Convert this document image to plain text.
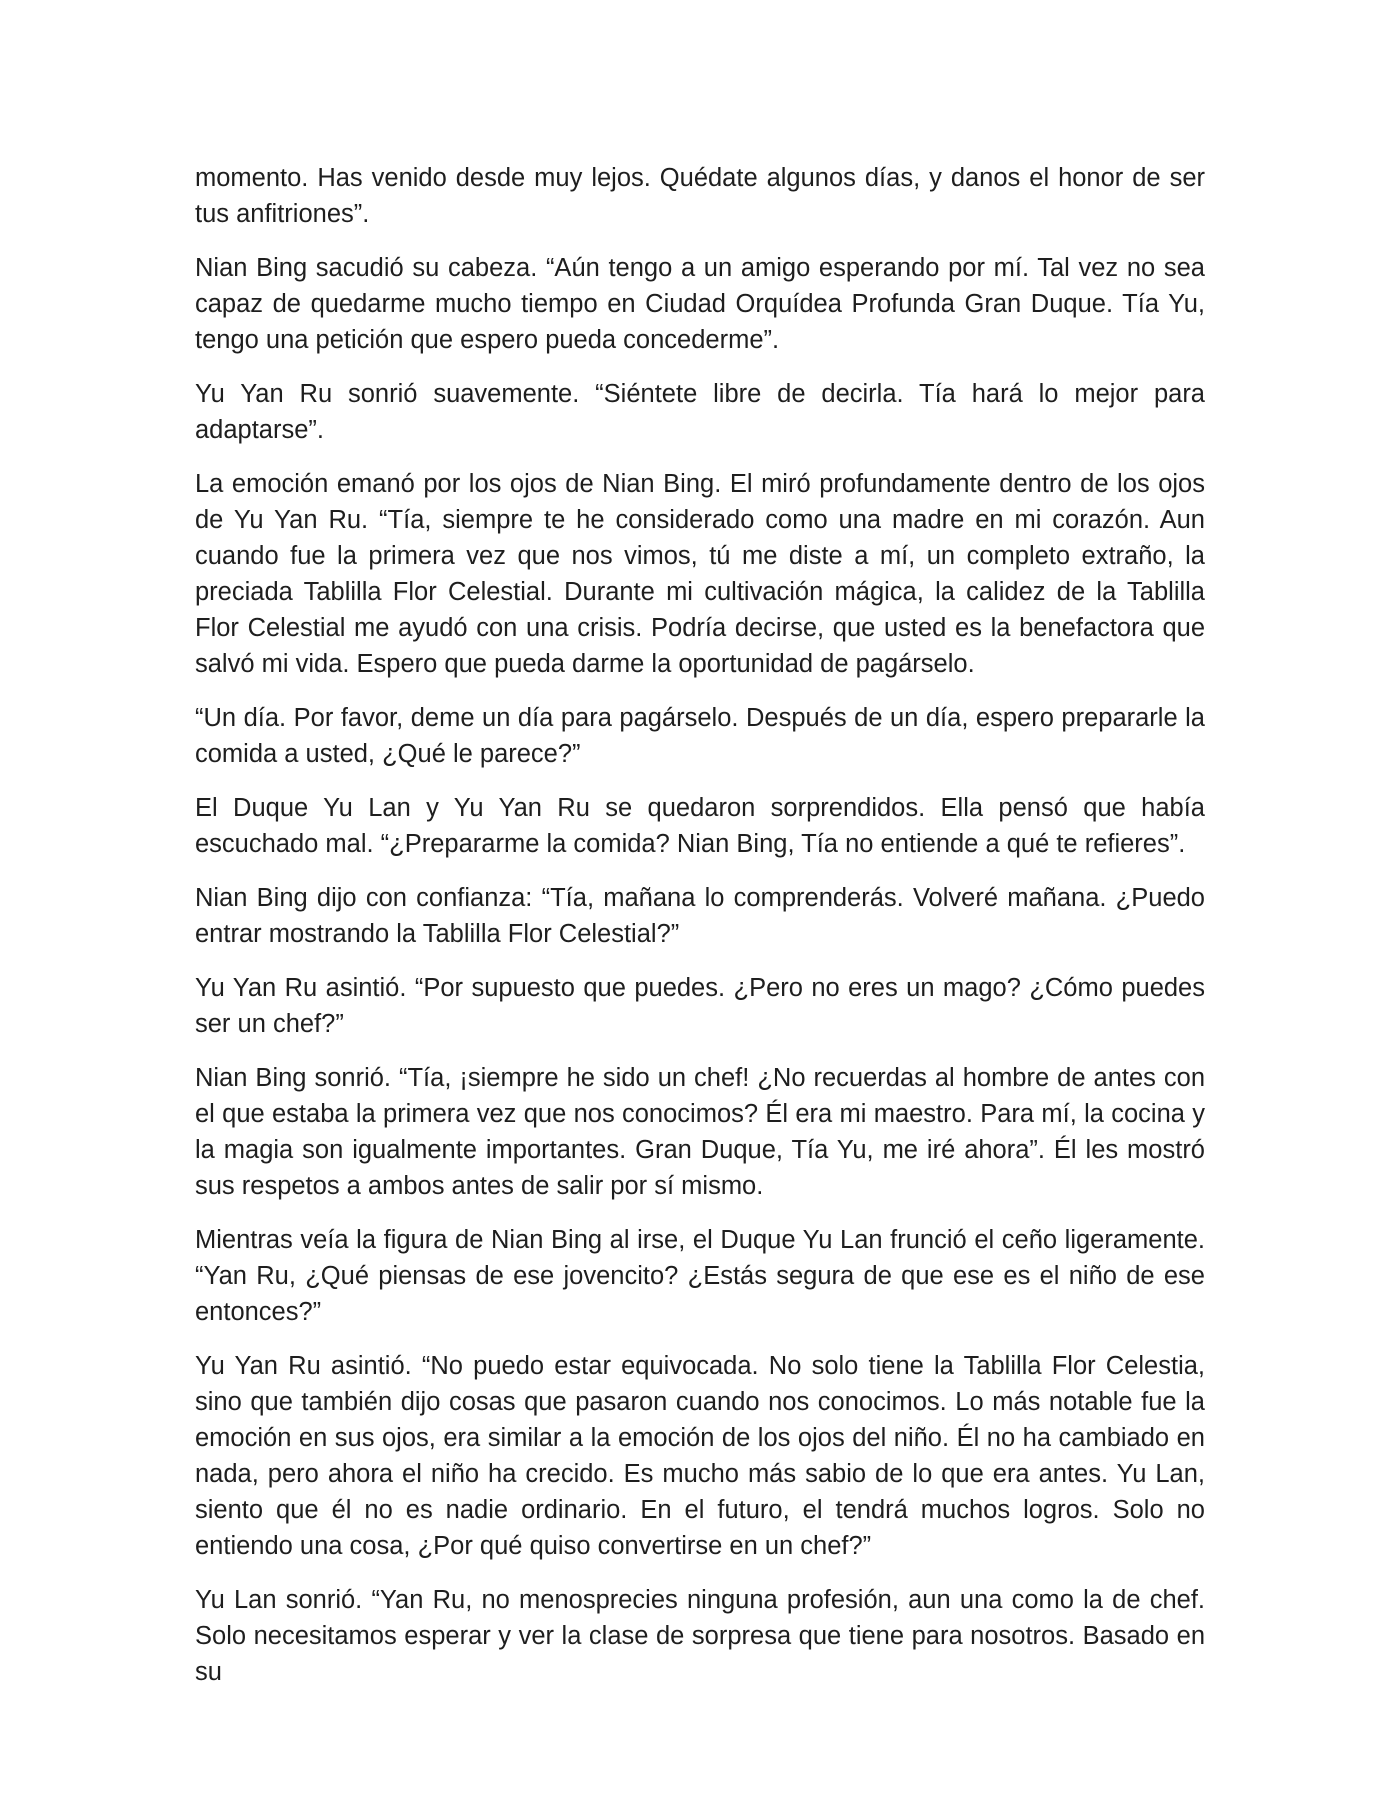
momento. Has venido desde muy lejos. Quédate algunos días, y danos el honor de ser tus anfitriones”.

Nian Bing sacudió su cabeza. “Aún tengo a un amigo esperando por mí. Tal vez no sea capaz de quedarme mucho tiempo en Ciudad Orquídea Profunda Gran Duque. Tía Yu, tengo una petición que espero pueda concederme”.

Yu Yan Ru sonrió suavemente. “Siéntete libre de decirla. Tía hará lo mejor para adaptarse”.

La emoción emanó por los ojos de Nian Bing. El miró profundamente dentro de los ojos de Yu Yan Ru. “Tía, siempre te he considerado como una madre en mi corazón. Aun cuando fue la primera vez que nos vimos, tú me diste a mí, un completo extraño, la preciada Tablilla Flor Celestial. Durante mi cultivación mágica, la calidez de la Tablilla Flor Celestial me ayudó con una crisis. Podría decirse, que usted es la benefactora que salvó mi vida. Espero que pueda darme la oportunidad de pagárselo.

“Un día. Por favor, deme un día para pagárselo. Después de un día, espero prepararle la comida a usted, ¿Qué le parece?”

El Duque Yu Lan y Yu Yan Ru se quedaron sorprendidos. Ella pensó que había escuchado mal. “¿Prepararme la comida? Nian Bing, Tía no entiende a qué te refieres”.

Nian Bing dijo con confianza: “Tía, mañana lo comprenderás. Volveré mañana. ¿Puedo entrar mostrando la Tablilla Flor Celestial?”

Yu Yan Ru asintió. “Por supuesto que puedes. ¿Pero no eres un mago? ¿Cómo puedes ser un chef?”

Nian Bing sonrió. “Tía, ¡siempre he sido un chef! ¿No recuerdas al hombre de antes con el que estaba la primera vez que nos conocimos? Él era mi maestro. Para mí, la cocina y la magia son igualmente importantes. Gran Duque, Tía Yu, me iré ahora”. Él les mostró sus respetos a ambos antes de salir por sí mismo.

Mientras veía la figura de Nian Bing al irse, el Duque Yu Lan frunció el ceño ligeramente. “Yan Ru, ¿Qué piensas de ese jovencito? ¿Estás segura de que ese es el niño de ese entonces?”

Yu Yan Ru asintió. “No puedo estar equivocada. No solo tiene la Tablilla Flor Celestia, sino que también dijo cosas que pasaron cuando nos conocimos. Lo más notable fue la emoción en sus ojos, era similar a la emoción de los ojos del niño. Él no ha cambiado en nada, pero ahora el niño ha crecido. Es mucho más sabio de lo que era antes. Yu Lan, siento que él no es nadie ordinario. En el futuro, el tendrá muchos logros. Solo no entiendo una cosa, ¿Por qué quiso convertirse en un chef?”

Yu Lan sonrió. “Yan Ru, no menosprecies ninguna profesión, aun una como la de chef. Solo necesitamos esperar y ver la clase de sorpresa que tiene para nosotros. Basado en su
